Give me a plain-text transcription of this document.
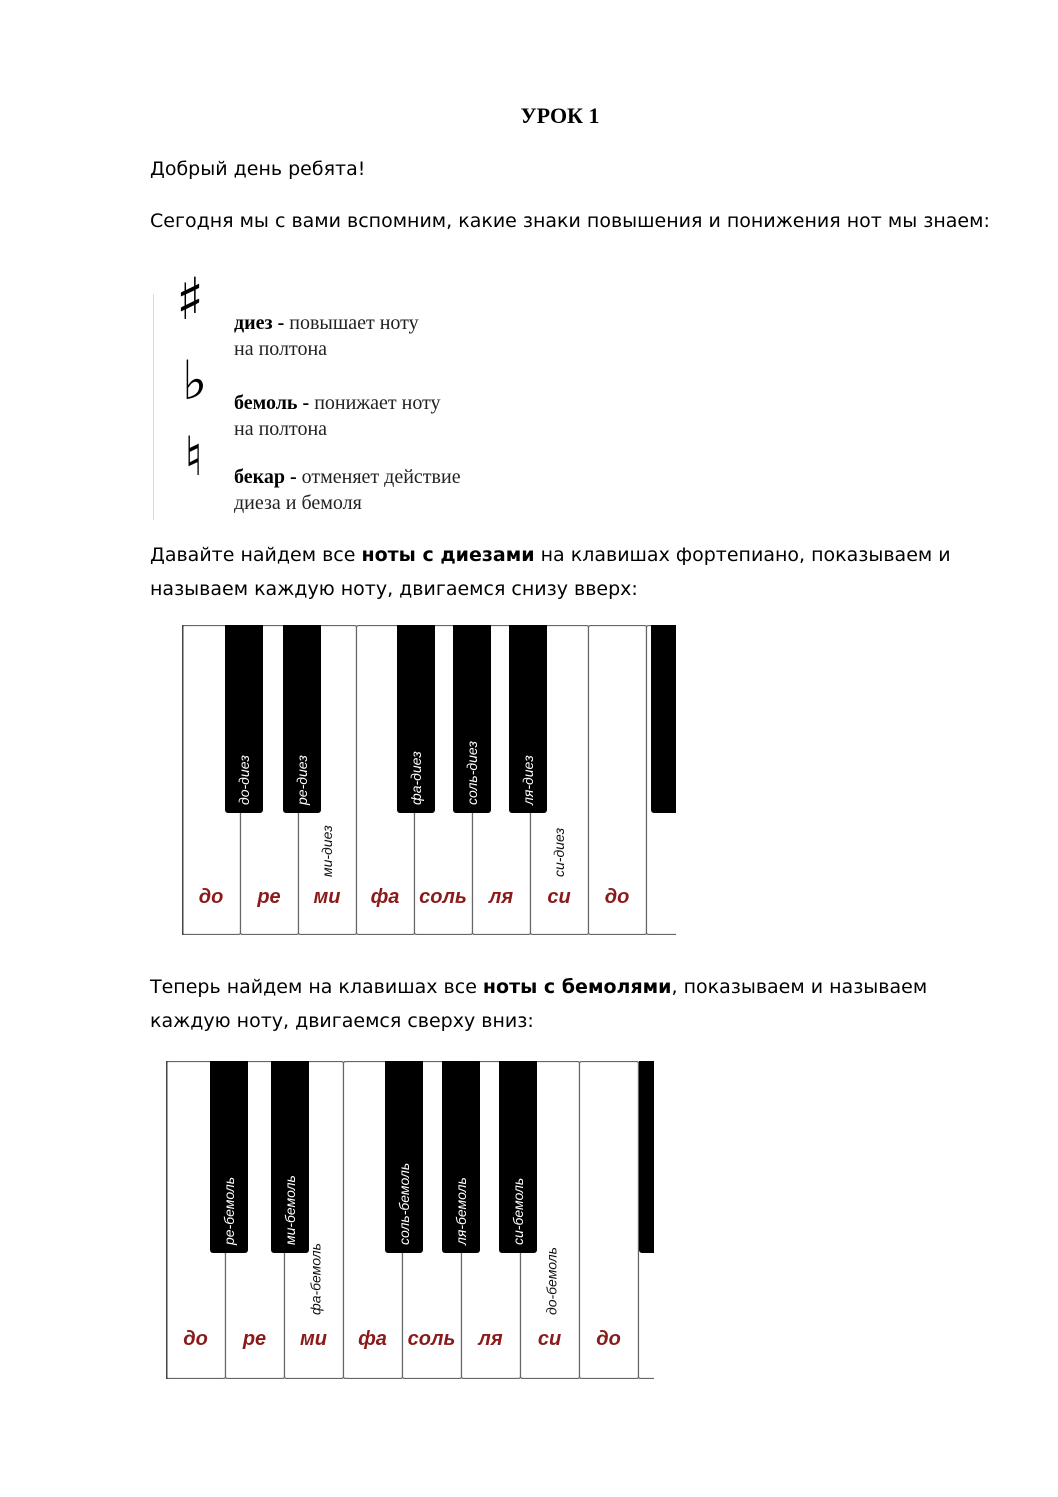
УРОК 1
Добрый день ребята!
Сегодня мы с вами вспомним, какие знаки повышения и понижения нот мы знаем:
♯ диез - повышает ноту
на полтона
♭ бемоль - понижает ноту
на полтона
♮ бекар - отменяет действие
диеза и бемоля
Давайте найдем все ноты с диезами на клавишах фортепиано, показываем и называем каждую ноту, двигаемся снизу вверх:
до ре ми фа соль ля си до
до-диез	ре-диез	фа-диез	соль-диез	ля-диез
ми-диез	си-диез
Теперь найдем на клавишах все ноты с бемолями, показываем и называем каждую ноту, двигаемся сверху вниз:
до ре ми фа соль ля си до
ре-бемоль	ми-бемоль	соль-бемоль	ля-бемоль	си-бемоль
фа-бемоль	до-бемоль
